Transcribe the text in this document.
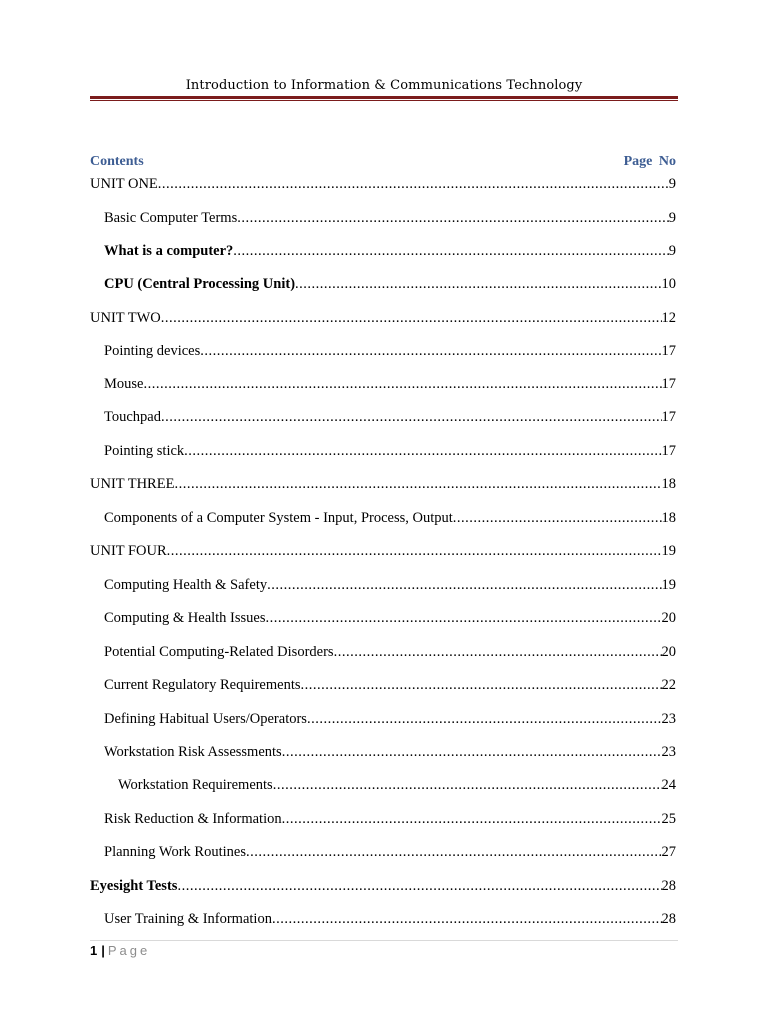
Introduction to Information & Communications Technology
Contents	Page No
UNIT ONE .....	9
Basic Computer Terms .....	9
What is a computer? .....	9
CPU (Central Processing Unit) .....	10
UNIT TWO .....	12
Pointing devices .....	17
Mouse .....	17
Touchpad .....	17
Pointing stick .....	17
UNIT THREE .....	18
Components of a Computer System - Input, Process, Output .....	18
UNIT FOUR .....	19
Computing Health & Safety .....	19
Computing & Health Issues .....	20
Potential Computing-Related Disorders .....	20
Current Regulatory Requirements .....	22
Defining Habitual Users/Operators .....	23
Workstation Risk Assessments .....	23
Workstation Requirements .....	24
Risk Reduction & Information .....	25
Planning Work Routines .....	27
Eyesight Tests .....	28
User Training & Information .....	28
1 | Page
